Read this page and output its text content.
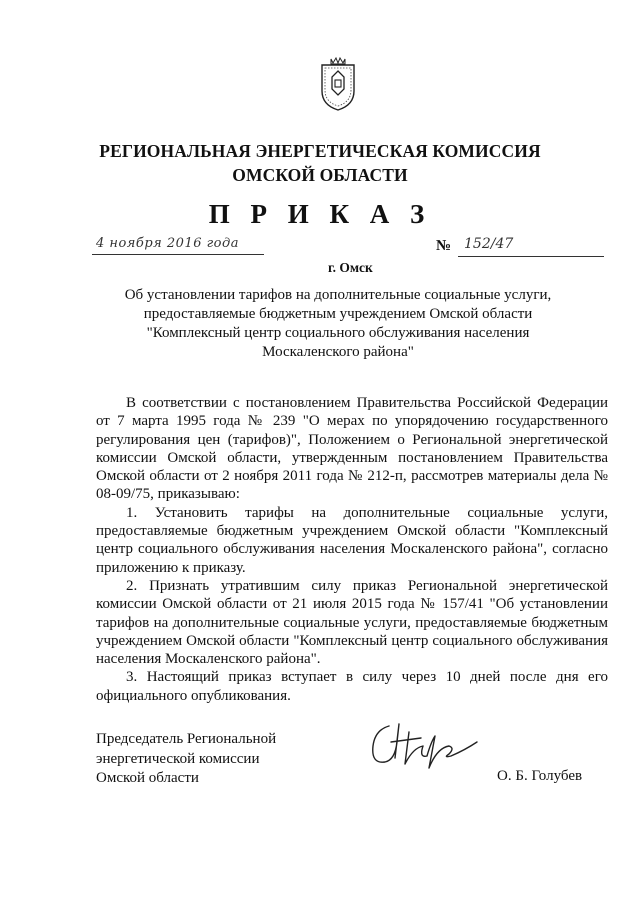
РЕГИОНАЛЬНАЯ ЭНЕРГЕТИЧЕСКАЯ КОМИССИЯ
ОМСКОЙ ОБЛАСТИ
П Р И К А З
4 ноября 2016 года	№ 152/47
г. Омск
Об установлении тарифов на дополнительные социальные услуги,
предоставляемые бюджетным учреждением Омской области
"Комплексный центр социального обслуживания населения
Москаленского района"

В соответствии с постановлением Правительства Российской Федерации от 7 марта 1995 года № 239 "О мерах по упорядочению государственного регулирования цен (тарифов)", Положением о Региональной энергетической комиссии Омской области, утвержденным постановлением Правительства Омской области от 2 ноября 2011 года № 212-п, рассмотрев материалы дела № 08-09/75, приказываю:

1. Установить тарифы на дополнительные социальные услуги, предоставляемые бюджетным учреждением Омской области "Комплексный центр социального обслуживания населения Москаленского района", согласно приложению к приказу.

2. Признать утратившим силу приказ Региональной энергетической комиссии Омской области от 21 июля 2015 года № 157/41 "Об установлении тарифов на дополнительные социальные услуги, предоставляемые бюджетным учреждением Омской области "Комплексный центр социального обслуживания населения Москаленского района".

3. Настоящий приказ вступает в силу через 10 дней после дня его официального опубликования.

Председатель Региональной
энергетической комиссии
Омской области	О. Б. Голубев
